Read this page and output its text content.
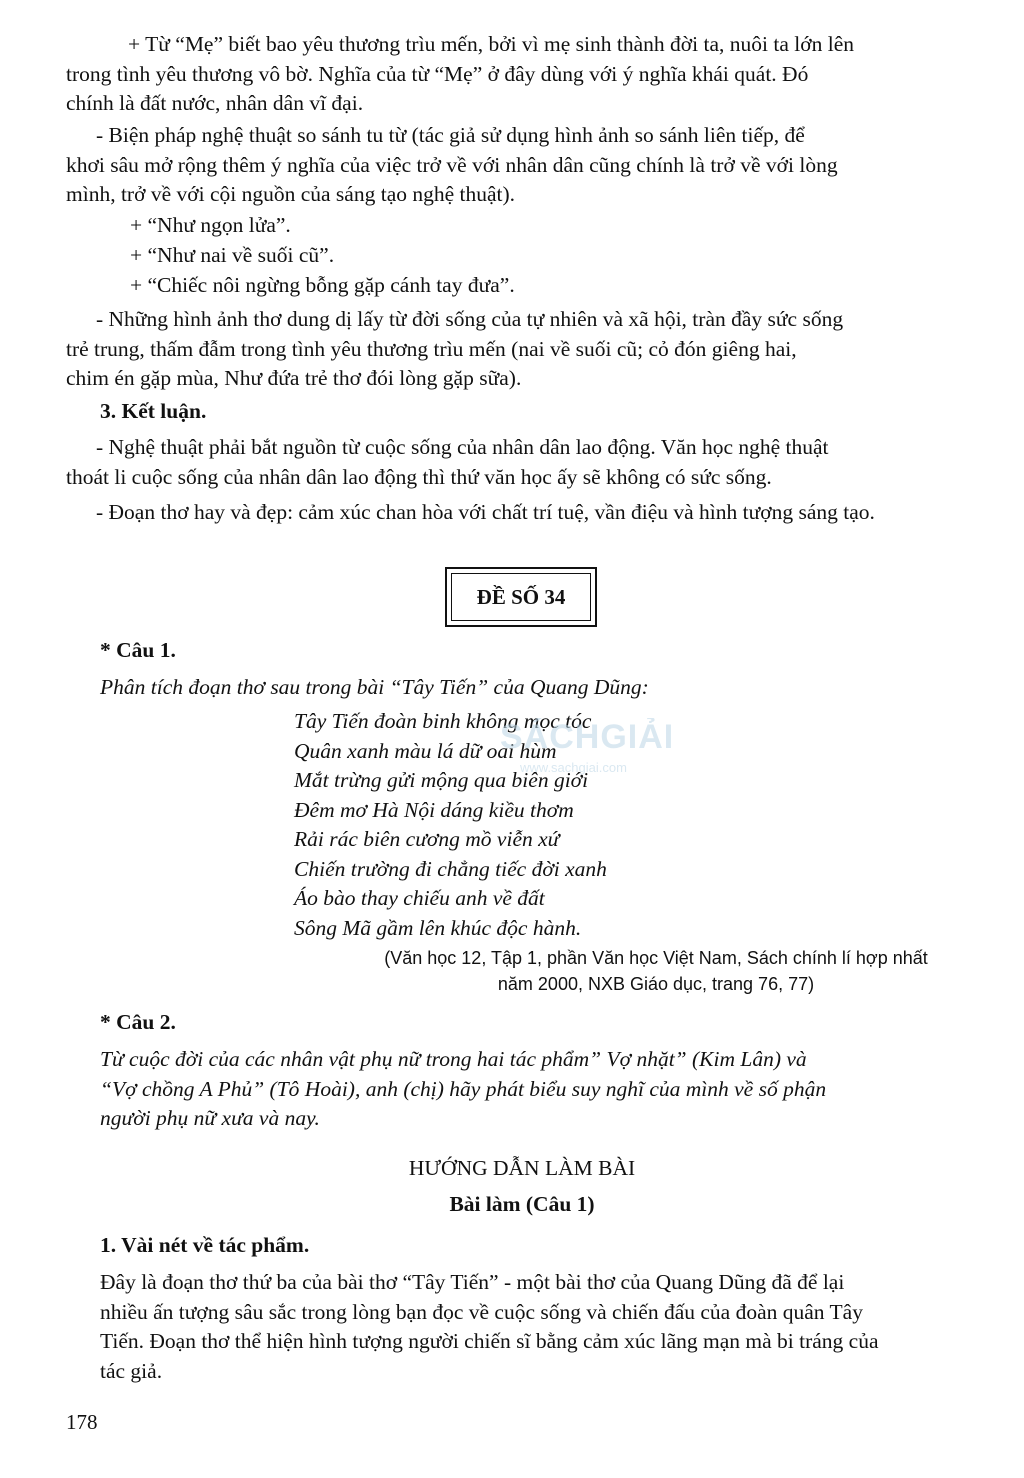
+ Từ “Mẹ” biết bao yêu thương trìu mến, bởi vì mẹ sinh thành đời ta, nuôi ta lớn lên
trong tình yêu thương vô bờ. Nghĩa của từ “Mẹ” ở đây dùng với ý nghĩa khái quát. Đó
chính là đất nước, nhân dân vĩ đại.
- Biện pháp nghệ thuật so sánh tu từ (tác giả sử dụng hình ảnh so sánh liên tiếp, để
khơi sâu mở rộng thêm ý nghĩa của việc trở về với nhân dân cũng chính là trở về với lòng
mình, trở về với cội nguồn của sáng tạo nghệ thuật).
+ “Như ngọn lửa”.
+ “Như nai về suối cũ”.
+ “Chiếc nôi ngừng bỗng gặp cánh tay đưa”.
- Những hình ảnh thơ dung dị lấy từ đời sống của tự nhiên và xã hội, tràn đầy sức sống
trẻ trung, thấm đẫm trong tình yêu thương trìu mến (nai về suối cũ; cỏ đón giêng hai,
chim én gặp mùa, Như đứa trẻ thơ đói lòng gặp sữa).
3. Kết luận.
- Nghệ thuật phải bắt nguồn từ cuộc sống của nhân dân lao động. Văn học nghệ thuật
thoát li cuộc sống của nhân dân lao động thì thứ văn học ấy sẽ không có sức sống.
- Đoạn thơ hay và đẹp: cảm xúc chan hòa với chất trí tuệ, vần điệu và hình tượng sáng tạo.
ĐỀ SỐ 34
* Câu 1.
Phân tích đoạn thơ sau trong bài “Tây Tiến” của Quang Dũng:
Tây Tiến đoàn binh không mọc tóc
Quân xanh màu lá dữ oai hùm
Mắt trừng gửi mộng qua biên giới
Đêm mơ Hà Nội dáng kiều thơm
Rải rác biên cương mồ viễn xứ
Chiến trường đi chẳng tiếc đời xanh
Áo bào thay chiếu anh về đất
Sông Mã gầm lên khúc độc hành.
(Văn học 12, Tập 1, phần Văn học Việt Nam, Sách chính lí hợp nhất
năm 2000, NXB Giáo dục, trang 76, 77)
SÁCHGIẢI
www.sachgiai.com
* Câu 2.
Từ cuộc đời của các nhân vật phụ nữ trong hai tác phẩm” Vợ nhặt” (Kim Lân) và
“Vợ chồng A Phủ” (Tô Hoài), anh (chị) hãy phát biểu suy nghĩ của mình về số phận
người phụ nữ xưa và nay.
HƯỚNG DẪN LÀM BÀI
Bài làm (Câu 1)
1. Vài nét về tác phẩm.
Đây là đoạn thơ thứ ba của bài thơ “Tây Tiến” - một bài thơ của Quang Dũng đã để lại
nhiều ấn tượng sâu sắc trong lòng bạn đọc về cuộc sống và chiến đấu của đoàn quân Tây
Tiến. Đoạn thơ thể hiện hình tượng người chiến sĩ bằng cảm xúc lãng mạn mà bi tráng của
tác giả.
178
